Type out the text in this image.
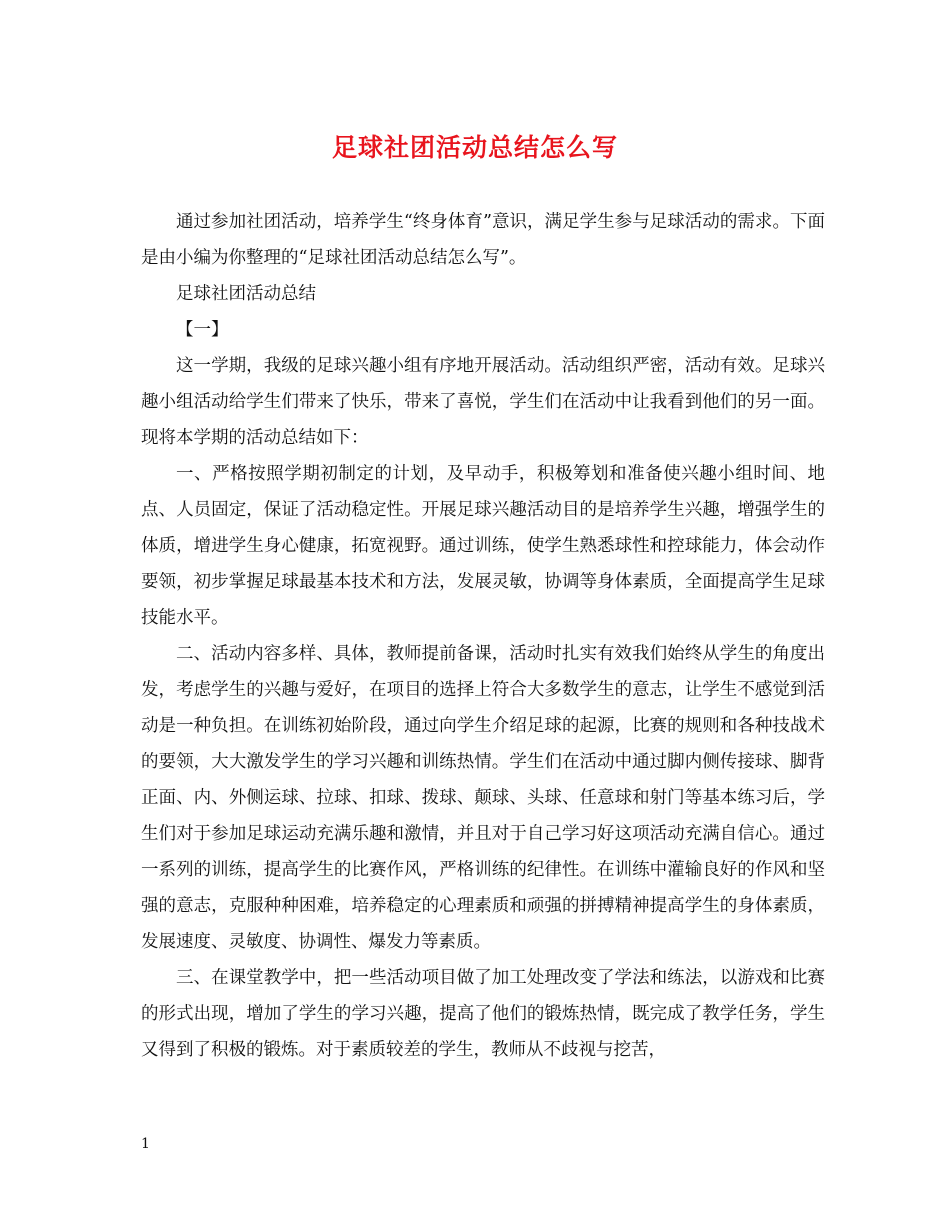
足球社团活动总结怎么写

通过参加社团活动，培养学生“终身体育”意识，满足学生参与足球活动的需求。下面是由小编为你整理的“足球社团活动总结怎么写”。

足球社团活动总结

【一】

这一学期，我级的足球兴趣小组有序地开展活动。活动组织严密，活动有效。足球兴趣小组活动给学生们带来了快乐，带来了喜悦，学生们在活动中让我看到他们的另一面。现将本学期的活动总结如下：

一、严格按照学期初制定的计划，及早动手，积极筹划和准备使兴趣小组时间、地点、人员固定，保证了活动稳定性。开展足球兴趣活动目的是培养学生兴趣，增强学生的体质，增进学生身心健康，拓宽视野。通过训练，使学生熟悉球性和控球能力，体会动作要领，初步掌握足球最基本技术和方法，发展灵敏，协调等身体素质，全面提高学生足球技能水平。

二、活动内容多样、具体，教师提前备课，活动时扎实有效我们始终从学生的角度出发，考虑学生的兴趣与爱好，在项目的选择上符合大多数学生的意志，让学生不感觉到活动是一种负担。在训练初始阶段，通过向学生介绍足球的起源，比赛的规则和各种技战术的要领，大大激发学生的学习兴趣和训练热情。学生们在活动中通过脚内侧传接球、脚背正面、内、外侧运球、拉球、扣球、拨球、颠球、头球、任意球和射门等基本练习后，学生们对于参加足球运动充满乐趣和激情，并且对于自己学习好这项活动充满自信心。通过一系列的训练，提高学生的比赛作风，严格训练的纪律性。在训练中灌输良好的作风和坚强的意志，克服种种困难，培养稳定的心理素质和顽强的拼搏精神提高学生的身体素质，发展速度、灵敏度、协调性、爆发力等素质。

三、在课堂教学中，把一些活动项目做了加工处理改变了学法和练法，以游戏和比赛的形式出现，增加了学生的学习兴趣，提高了他们的锻炼热情，既完成了教学任务，学生又得到了积极的锻炼。对于素质较差的学生，教师从不歧视与挖苦，

1
